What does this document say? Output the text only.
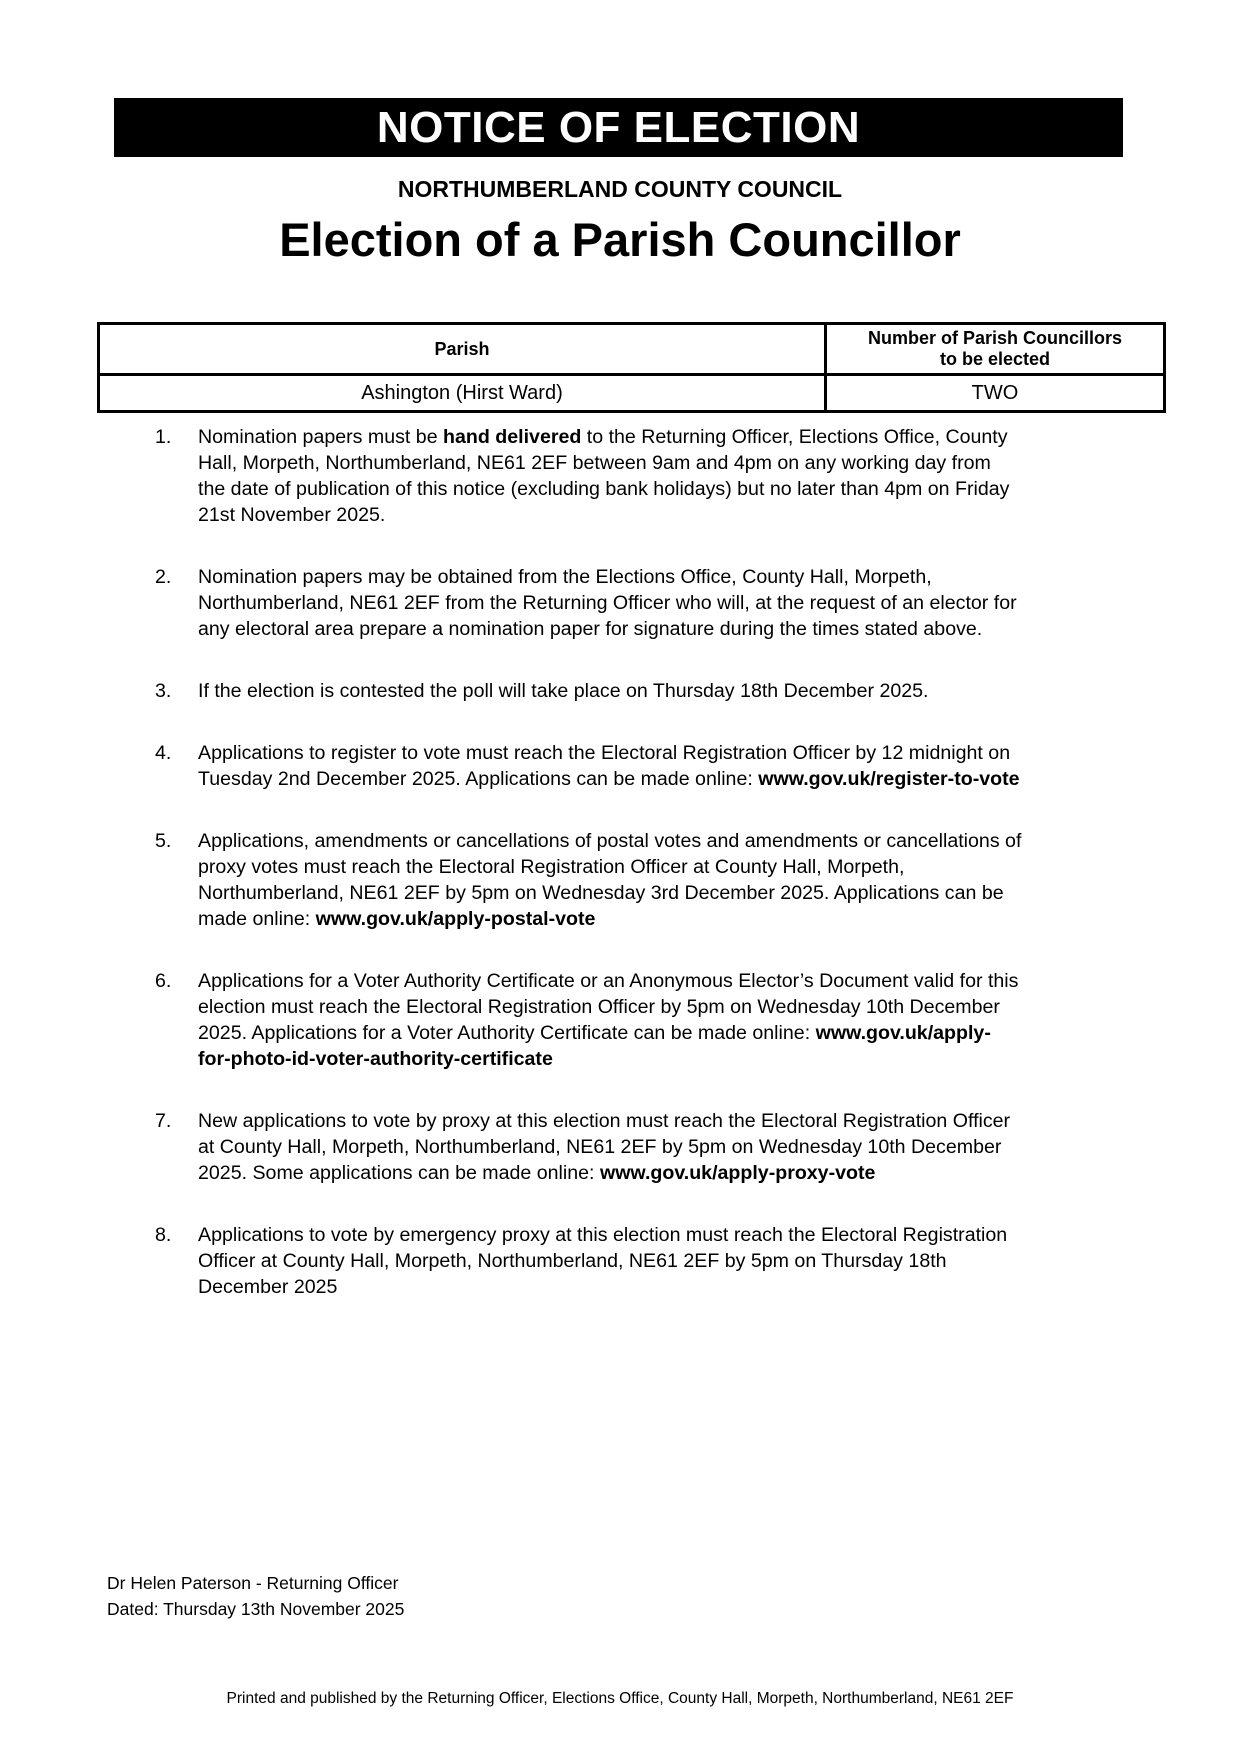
NOTICE OF ELECTION
NORTHUMBERLAND COUNTY COUNCIL
Election of a Parish Councillor
Parish	Number of Parish Councillors
to be elected

Ashington (Hirst Ward)	TWO
1.	Nomination papers must be hand delivered to the Returning Officer, Elections Office, County Hall, Morpeth, Northumberland, NE61 2EF between 9am and 4pm on any working day from the date of publication of this notice (excluding bank holidays) but no later than 4pm on Friday 21st November 2025.
2.	Nomination papers may be obtained from the Elections Office, County Hall, Morpeth, Northumberland, NE61 2EF from the Returning Officer who will, at the request of an elector for any electoral area prepare a nomination paper for signature during the times stated above.
3.	If the election is contested the poll will take place on Thursday 18th December 2025.
4.	Applications to register to vote must reach the Electoral Registration Officer by 12 midnight on Tuesday 2nd December 2025. Applications can be made online: www.gov.uk/register-to-vote
5.	Applications, amendments or cancellations of postal votes and amendments or cancellations of proxy votes must reach the Electoral Registration Officer at County Hall, Morpeth, Northumberland, NE61 2EF by 5pm on Wednesday 3rd December 2025. Applications can be made online: www.gov.uk/apply-postal-vote
6.	Applications for a Voter Authority Certificate or an Anonymous Elector’s Document valid for this election must reach the Electoral Registration Officer by 5pm on Wednesday 10th December 2025. Applications for a Voter Authority Certificate can be made online: www.gov.uk/apply-for-photo-id-voter-authority-certificate
7.	New applications to vote by proxy at this election must reach the Electoral Registration Officer at County Hall, Morpeth, Northumberland, NE61 2EF by 5pm on Wednesday 10th December 2025. Some applications can be made online: www.gov.uk/apply-proxy-vote
8.	Applications to vote by emergency proxy at this election must reach the Electoral Registration Officer at County Hall, Morpeth, Northumberland, NE61 2EF by 5pm on Thursday 18th December 2025
Dr Helen Paterson - Returning Officer
Dated: Thursday 13th November 2025
Printed and published by the Returning Officer, Elections Office, County Hall, Morpeth, Northumberland, NE61 2EF
